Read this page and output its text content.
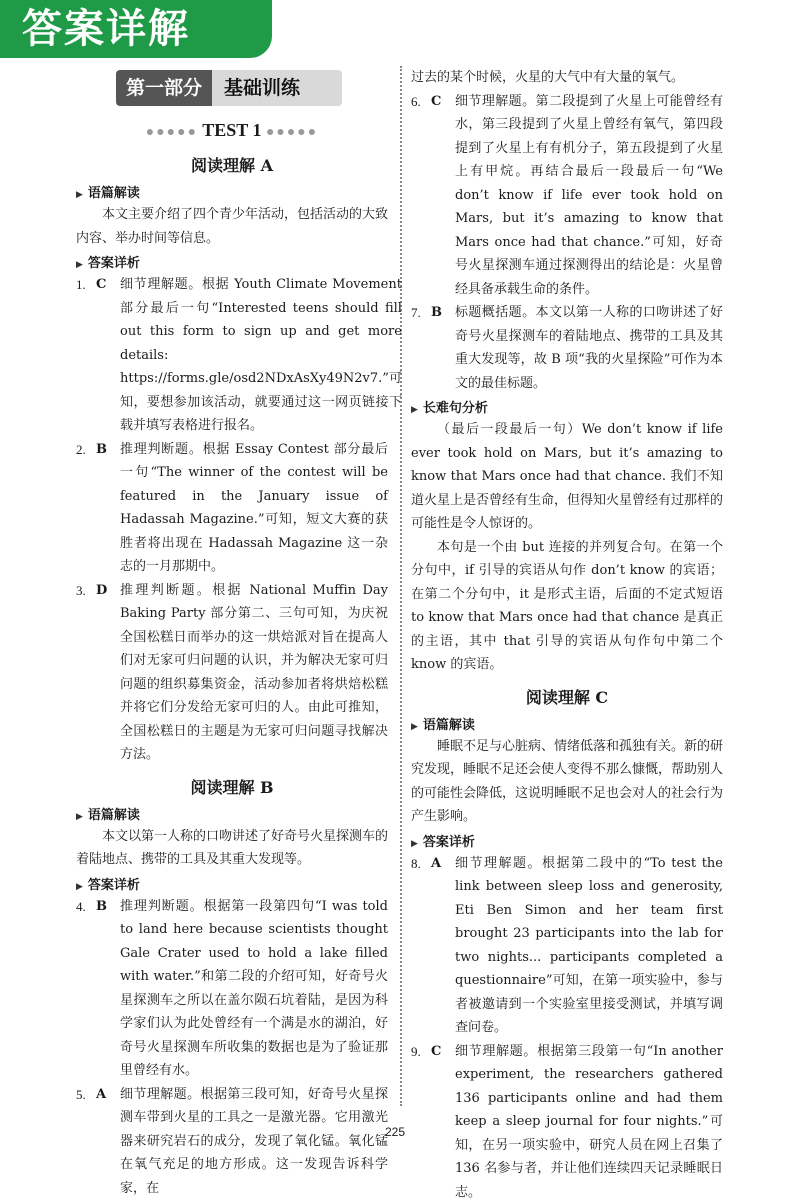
答案详解
第一部分	基础训练
●●●●● TEST 1 ●●●●●
阅读理解 A
▶ 语篇解读

本文主要介绍了四个青少年活动，包括活动的大致内容、举办时间等信息。

▶ 答案详析
1. C	细节理解题。根据 Youth Climate Movement 部分最后一句“Interested teens should fill out this form to sign up and get more details: https://forms.gle/osd2NDxAsXy49N2v7.”可知，要想参加该活动，就要通过这一网页链接下载并填写表格进行报名。
2. B	推理判断题。根据 Essay Contest 部分最后一句“The winner of the contest will be featured in the January issue of Hadassah Magazine.”可知，短文大赛的获胜者将出现在 Hadassah Magazine 这一杂志的一月那期中。
3. D 推理判断题。根据 National Muffin Day Baking Party 部分第二、三句可知，为庆祝全国松糕日而举办的这一烘焙派对旨在提高人们对无家可归问题的认识，并为解决无家可归问题的组织募集资金，活动参加者将烘焙松糕并将它们分发给无家可归的人。由此可推知，全国松糕日的主题是为无家可归问题寻找解决方法。
阅读理解 B
▶ 语篇解读

本文以第一人称的口吻讲述了好奇号火星探测车的着陆地点、携带的工具及其重大发现等。

▶ 答案详析
4. B	推理判断题。根据第一段第四句“I was told to land here because scientists thought Gale Crater used to hold a lake filled with water.”和第二段的介绍可知，好奇号火星探测车之所以在盖尔陨石坑着陆，是因为科学家们认为此处曾经有一个满是水的湖泊，好奇号火星探测车所收集的数据也是为了验证那里曾经有水。
5. A	细节理解题。根据第三段可知，好奇号火星探测车带到火星的工具之一是激光器。它用激光器来研究岩石的成分，发现了氧化锰。氧化锰在氧气充足的地方形成。这一发现告诉科学家，在

过去的某个时候，火星的大气中有大量的氧气。

6. C	细节理解题。第二段提到了火星上可能曾经有水，第三段提到了火星上曾经有氧气，第四段提到了火星上有有机分子，第五段提到了火星上有甲烷。再结合最后一段最后一句“We don’t know if life ever took hold on Mars, but it’s amazing to know that Mars once had that chance.”可知，好奇号火星探测车通过探测得出的结论是：火星曾经具备承载生命的条件。
7. B	标题概括题。本文以第一人称的口吻讲述了好奇号火星探测车的着陆地点、携带的工具及其重大发现等，故 B 项“我的火星探险”可作为本文的最佳标题。
▶ 长难句分析

（最后一段最后一句）We don’t know if life ever took hold on Mars, but it’s amazing to know that Mars once had that chance. 我们不知道火星上是否曾经有生命，但得知火星曾经有过那样的可能性是令人惊讶的。

本句是一个由 but 连接的并列复合句。在第一个分句中，if 引导的宾语从句作 don’t know 的宾语；在第二个分句中，it 是形式主语，后面的不定式短语 to know that Mars once had that chance 是真正的主语，其中 that 引导的宾语从句作句中第二个 know 的宾语。

阅读理解 C
▶ 语篇解读

睡眠不足与心脏病、情绪低落和孤独有关。新的研究发现，睡眠不足还会使人变得不那么慷慨，帮助别人的可能性会降低，这说明睡眠不足也会对人的社会行为产生影响。

▶ 答案详析
8. A	细节理解题。根据第二段中的“To test the link between sleep loss and generosity, Eti Ben Simon and her team first brought 23 participants into the lab for two nights... participants completed a questionnaire”可知，在第一项实验中，参与者被邀请到一个实验室里接受测试，并填写调查问卷。
9. C	细节理解题。根据第三段第一句“In another experiment, the researchers gathered 136 participants online and had them keep a sleep journal for four nights.”可知，在另一项实验中，研究人员在网上召集了 136 名参与者，并让他们连续四天记录睡眠日志。
225
